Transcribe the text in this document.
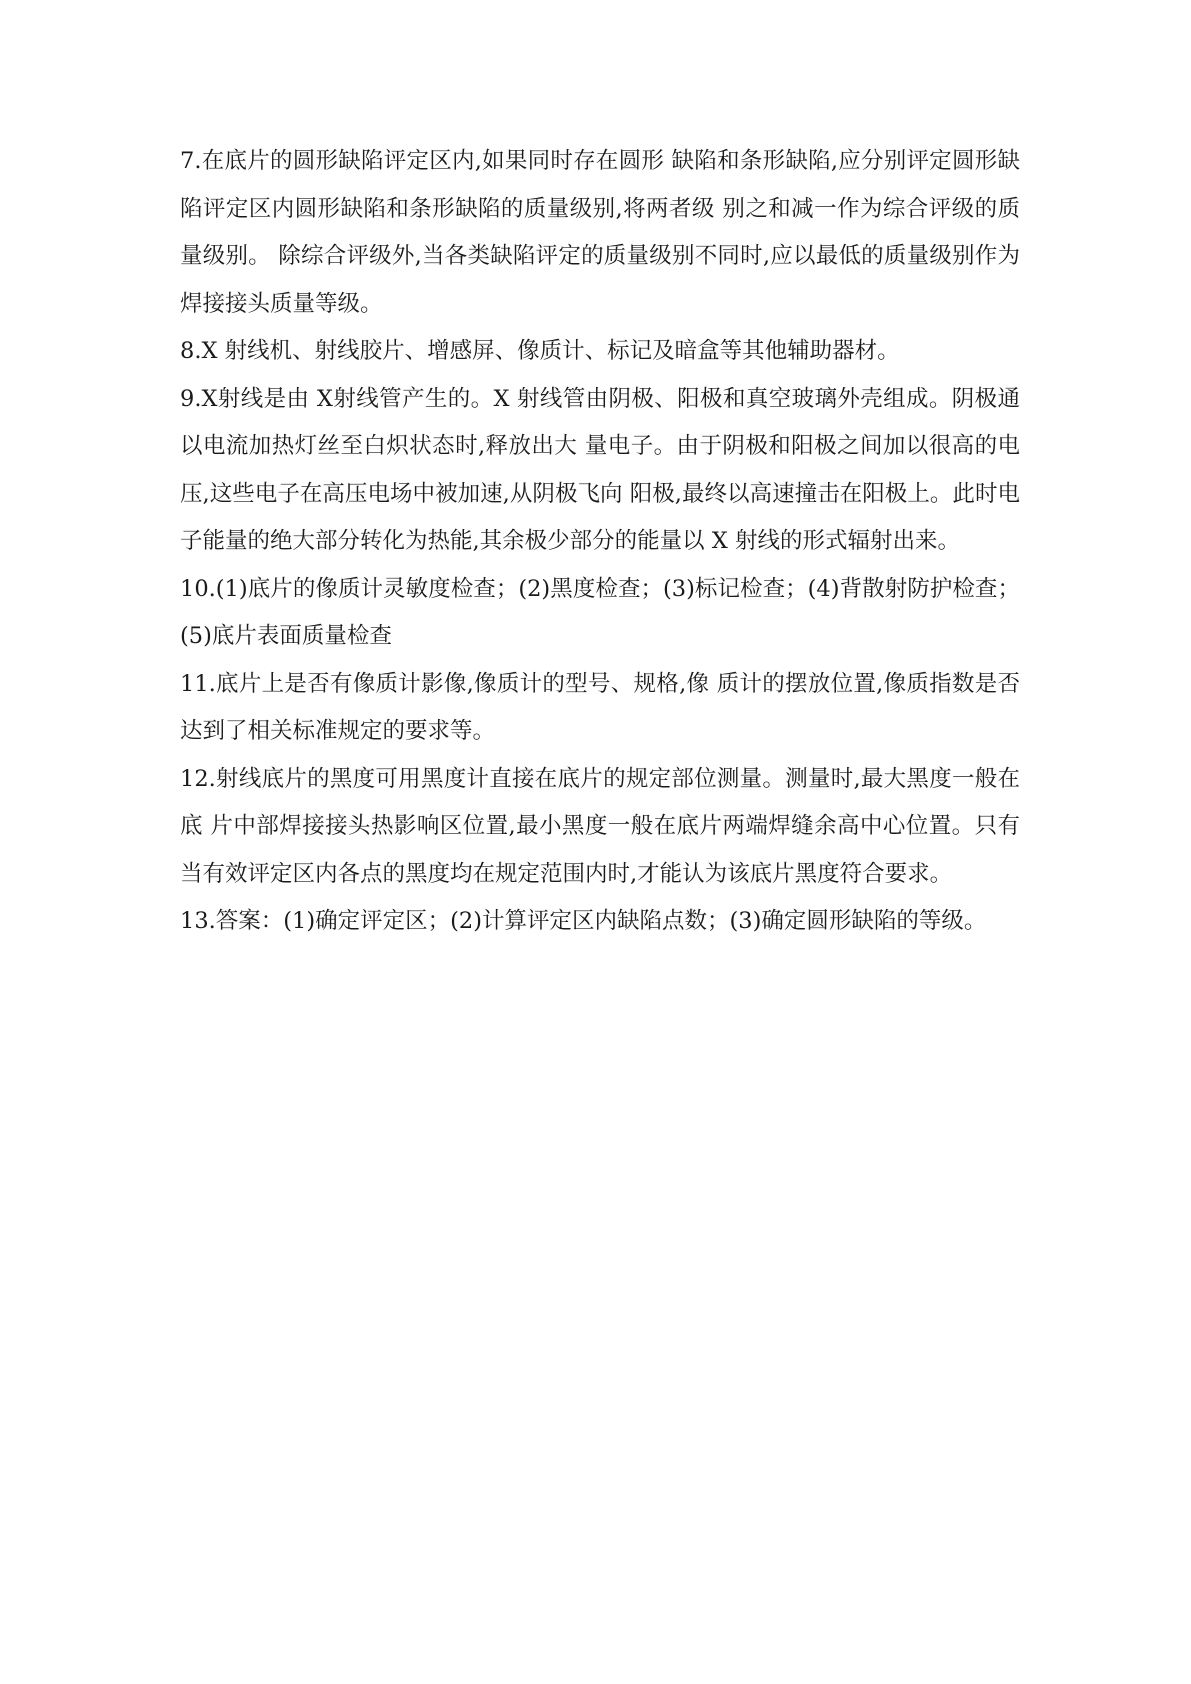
7.在底片的圆形缺陷评定区内,如果同时存在圆形 缺陷和条形缺陷,应分别评定圆形缺陷评定区内圆形缺陷和条形缺陷的质量级别,将两者级 别之和减一作为综合评级的质量级别。 除综合评级外,当各类缺陷评定的质量级别不同时,应以最低的质量级别作为焊接接头质量等级。

8.X 射线机、射线胶片、增感屏、像质计、标记及暗盒等其他辅助器材。

9.X射线是由 X射线管产生的。X 射线管由阴极、阳极和真空玻璃外壳组成。阴极通以电流加热灯丝至白炽状态时,释放出大 量电子。由于阴极和阳极之间加以很高的电压,这些电子在高压电场中被加速,从阴极飞向 阳极,最终以高速撞击在阳极上。此时电子能量的绝大部分转化为热能,其余极少部分的能量以 X 射线的形式辐射出来。

10.(1)底片的像质计灵敏度检查；(2)黑度检查；(3)标记检查；(4)背散射防护检查；(5)底片表面质量检查

11.底片上是否有像质计影像,像质计的型号、规格,像 质计的摆放位置,像质指数是否达到了相关标准规定的要求等。

12.射线底片的黑度可用黑度计直接在底片的规定部位测量。测量时,最大黑度一般在底 片中部焊接接头热影响区位置,最小黑度一般在底片两端焊缝余高中心位置。只有当有效评定区内各点的黑度均在规定范围内时,才能认为该底片黑度符合要求。

13.答案：(1)确定评定区；(2)计算评定区内缺陷点数；(3)确定圆形缺陷的等级。
